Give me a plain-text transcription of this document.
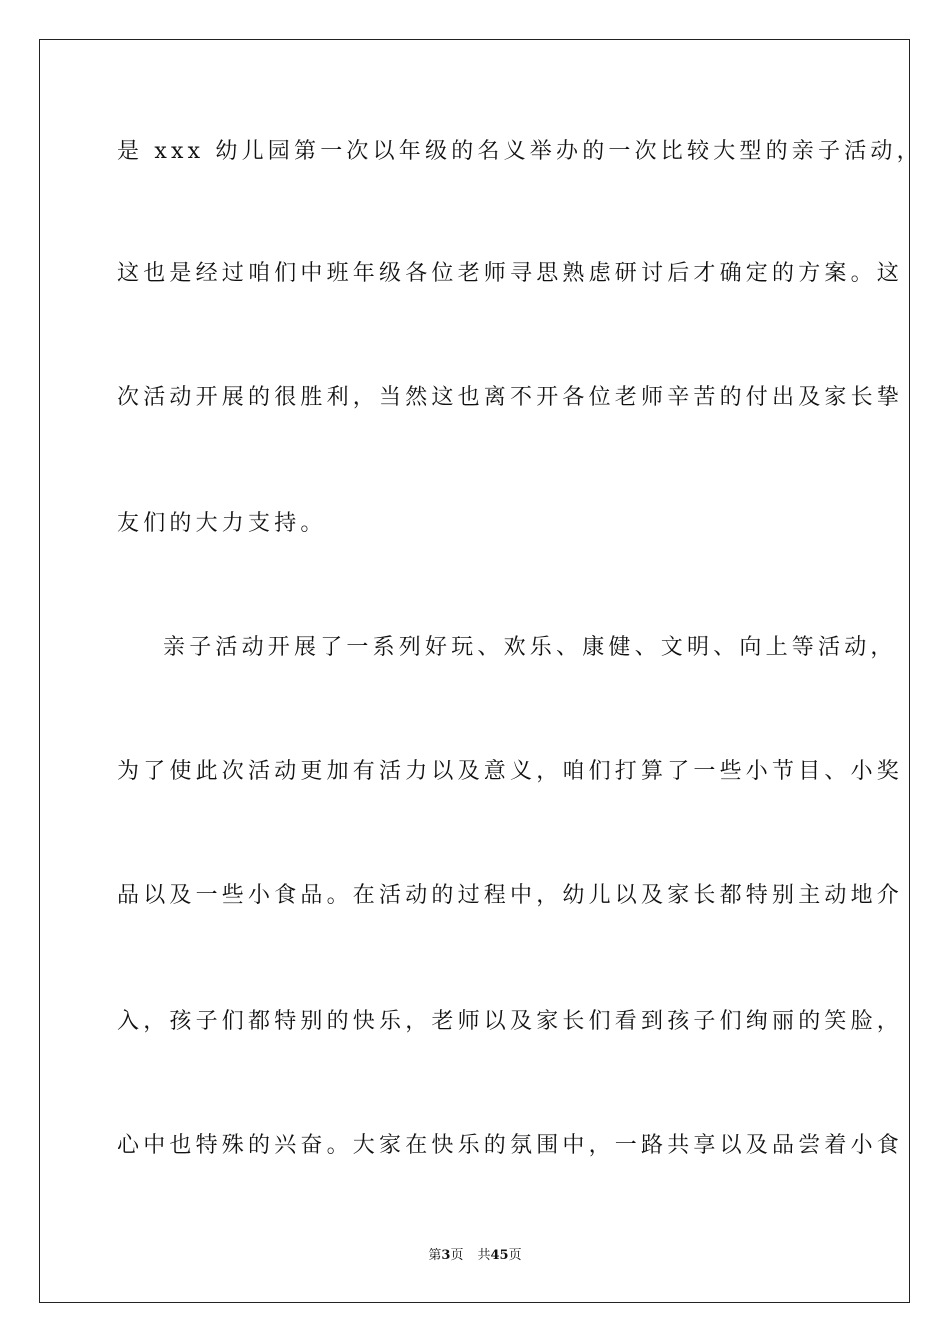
是 xxx 幼儿园第一次以年级的名义举办的一次比较大型的亲子活动，
这也是经过咱们中班年级各位老师寻思熟虑研讨后才确定的方案。这
次活动开展的很胜利，当然这也离不开各位老师辛苦的付出及家长挚
友们的大力支持。
亲子活动开展了一系列好玩、欢乐、康健、文明、向上等活动，
为了使此次活动更加有活力以及意义，咱们打算了一些小节目、小奖
品以及一些小食品。在活动的过程中，幼儿以及家长都特别主动地介
入，孩子们都特别的快乐，老师以及家长们看到孩子们绚丽的笑脸，
心中也特殊的兴奋。大家在快乐的氛围中，一路共享以及品尝着小食
第3页 共45页
